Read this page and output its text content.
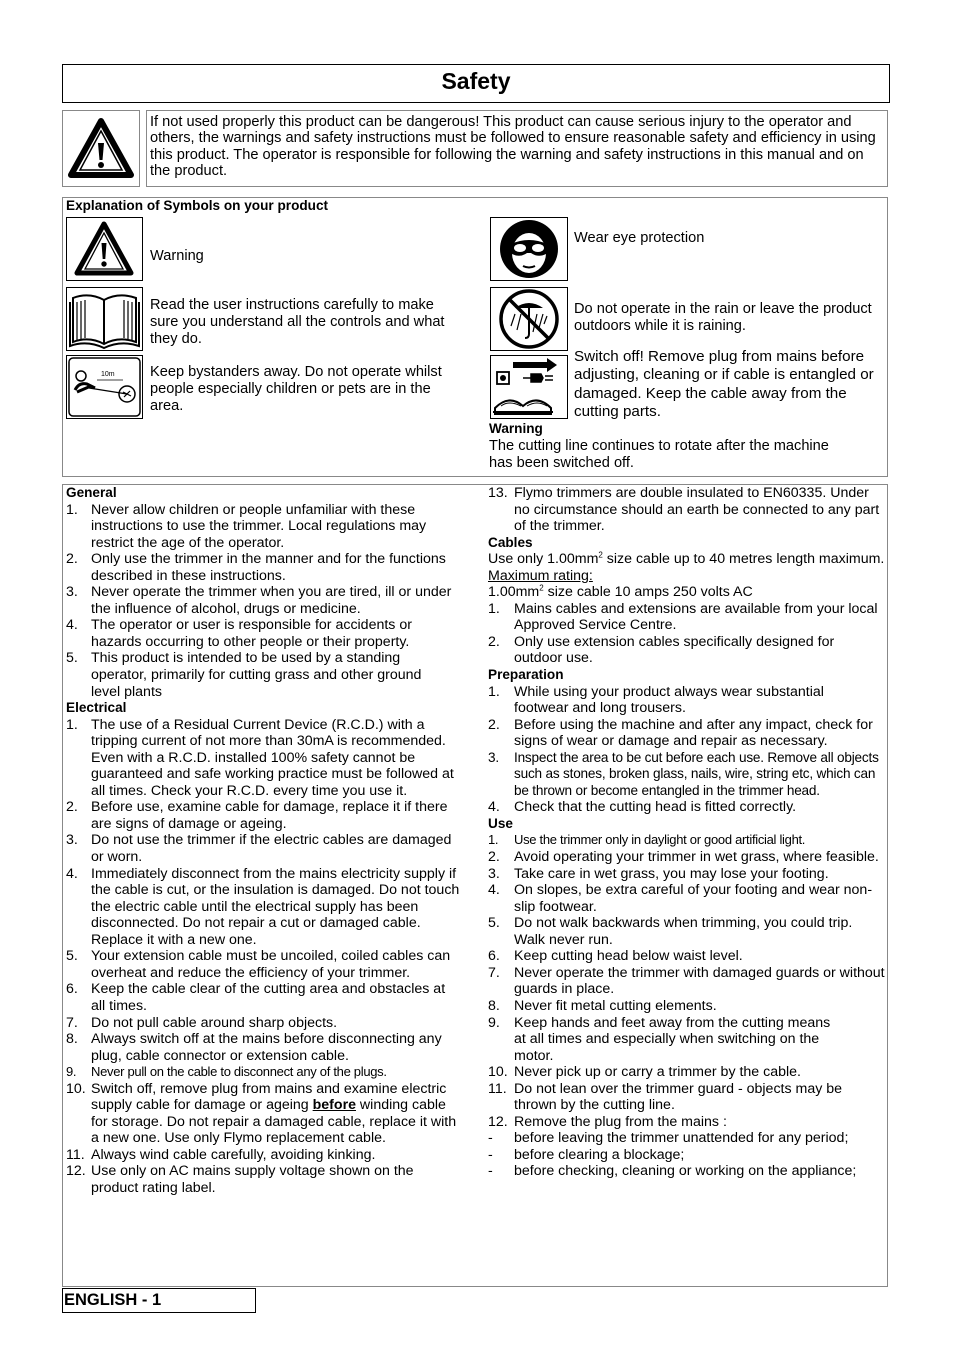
Safety
If not used properly this product can be dangerous! This product can cause serious injury to the operator and others, the warnings and safety instructions must be followed to ensure reasonable safety and efficiency in using this product. The operator is responsible for following the warning and safety instructions in this manual and on the product.
Explanation of Symbols on your product
Warning
Read the user instructions carefully to make sure you understand all the controls and what they do.
10m Keep bystanders away. Do not operate whilst people especially children or pets are in the area.
Wear eye protection
Do not operate in the rain or leave the product outdoors while it is raining.
Switch off! Remove plug from mains before adjusting, cleaning or if cable is entangled or damaged. Keep the cable away from the cutting parts.
Warning
The cutting line continues to rotate after the machine has been switched off.
General
1. Never allow children or people unfamiliar with these instructions to use the trimmer. Local regulations may restrict the age of the operator.
2. Only use the trimmer in the manner and for the functions described in these instructions.
3. Never operate the trimmer when you are tired, ill or under the influence of alcohol, drugs or medicine.
4. The operator or user is responsible for accidents or hazards occurring to other people or their property.
5. This product is intended to be used by a standing operator, primarily for cutting grass and other ground level plants
Electrical
1. The use of a Residual Current Device (R.C.D.) with a tripping current of not more than 30mA is recommended. Even with a R.C.D. installed 100% safety cannot be guaranteed and safe working practice must be followed at all times. Check your R.C.D. every time you use it.
2. Before use, examine cable for damage, replace it if there are signs of damage or ageing.
3. Do not use the trimmer if the electric cables are damaged or worn.
4. Immediately disconnect from the mains electricity supply if the cable is cut, or the insulation is damaged. Do not touch the electric cable until the electrical supply has been disconnected. Do not repair a cut or damaged cable. Replace it with a new one.
5. Your extension cable must be uncoiled, coiled cables can overheat and reduce the efficiency of your trimmer.
6. Keep the cable clear of the cutting area and obstacles at all times.
7. Do not pull cable around sharp objects.
8. Always switch off at the mains before disconnecting any plug, cable connector or extension cable.
9.	Never pull on the cable to disconnect any of the plugs.
10. Switch off, remove plug from mains and examine electric supply cable for damage or ageing before winding cable for storage. Do not repair a damaged cable, replace it with a new one. Use only Flymo replacement cable.
11. Always wind cable carefully, avoiding kinking.
12. Use only on AC mains supply voltage shown on the product rating label.
13. Flymo trimmers are double insulated to EN60335. Under no circumstance should an earth be connected to any part of the trimmer.
Cables
Use only $1.00mm^2$ size cable up to 40 metres length maximum.
Maximum rating:
$1.00mm^2$ size cable 10 amps 250 volts AC
1. Mains cables and extensions are available from your local Approved Service Centre.
2. Only use extension cables specifically designed for outdoor use.
Preparation
1. While using your product always wear substantial footwear and long trousers.
2. Before using the machine and after any impact, check for signs of wear or damage and repair as necessary.
3.	Inspect the area to be cut before each use. Remove all objects such as stones, broken glass, nails, wire, string etc, which can be thrown or become entangled in the trimmer head.
4. Check that the cutting head is fitted correctly.
Use
1.	Use the trimmer only in daylight or good artificial light.
2. Avoid operating your trimmer in wet grass, where feasible.
3. Take care in wet grass, you may lose your footing.
4. On slopes, be extra careful of your footing and wear non-slip footwear.
5. Do not walk backwards when trimming, you could trip. Walk never run.
6. Keep cutting head below waist level.
7. Never operate the trimmer with damaged guards or without guards in place.
8. Never fit metal cutting elements.
9. Keep hands and feet away from the cutting means at all times and especially when switching on the motor.
10. Never pick up or carry a trimmer by the cable.
11. Do not lean over the trimmer guard - objects may be thrown by the cutting line.
12. Remove the plug from the mains :
-	before leaving the trimmer unattended for any period;
-	before clearing a blockage;
-	before checking, cleaning or working on the appliance;
ENGLISH - 1
